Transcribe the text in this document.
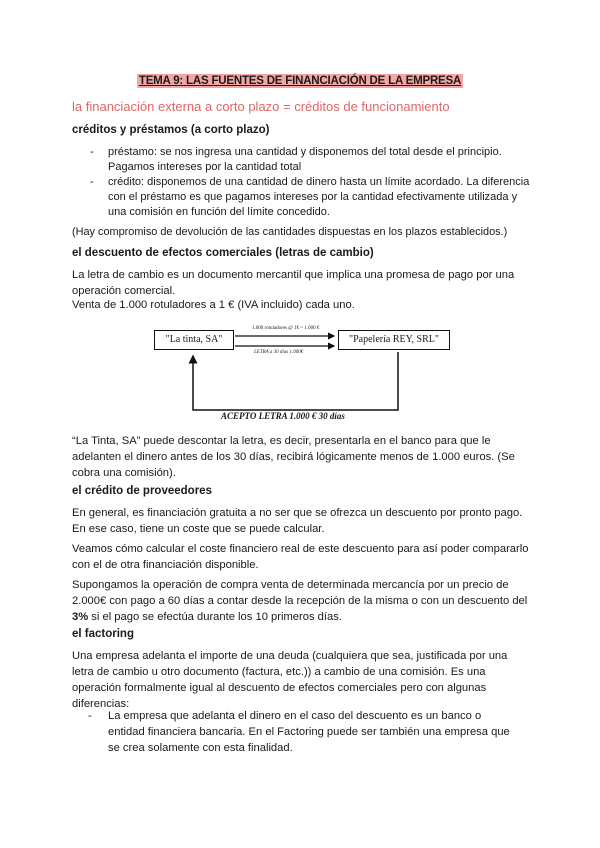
TEMA 9: LAS FUENTES DE FINANCIACIÓN DE LA EMPRESA
la financiación externa a corto plazo = créditos de funcionamiento
créditos y préstamos (a corto plazo)
- préstamo: se nos ingresa una cantidad y disponemos del total desde el principio. Pagamos intereses por la cantidad total
- crédito: disponemos de una cantidad de dinero hasta un límite acordado. La diferencia con el préstamo es que pagamos intereses por la cantidad efectivamente utilizada y una comisión en función del límite concedido.
(Hay compromiso de devolución de las cantidades dispuestas en los plazos establecidos.)
el descuento de efectos comerciales (letras de cambio)
La letra de cambio es un documento mercantil que implica una promesa de pago por una operación comercial.
Venta de 1.000 rotuladores a 1 € (IVA incluido) cada uno.
"La tinta, SA"	"Papelería REY, SRL"
1.000 rotuladores @ 1€ = 1.000 €
LETRA a 30 días 1.000€
ACEPTO LETRA 1.000 € 30 días
“La Tinta, SA” puede descontar la letra, es decir, presentarla en el banco para que le adelanten el dinero antes de los 30 días, recibirá lógicamente menos de 1.000 euros. (Se cobra una comisión).
el crédito de proveedores
En general, es financiación gratuita a no ser que se ofrezca un descuento por pronto pago. En ese caso, tiene un coste que se puede calcular.
Veamos cómo calcular el coste financiero real de este descuento para así poder compararlo con el de otra financiación disponible.
Supongamos la operación de compra venta de determinada mercancía por un precio de 2.000€ con pago a 60 días a contar desde la recepción de la misma o con un descuento del 3% si el pago se efectúa durante los 10 primeros días.
el factoring
Una empresa adelanta el importe de una deuda (cualquiera que sea, justificada por una letra de cambio u otro documento (factura, etc.)) a cambio de una comisión. Es una operación formalmente igual al descuento de efectos comerciales pero con algunas diferencias:
- La empresa que adelanta el dinero en el caso del descuento es un banco o entidad financiera bancaria. En el Factoring puede ser también una empresa que se crea solamente con esta finalidad.
